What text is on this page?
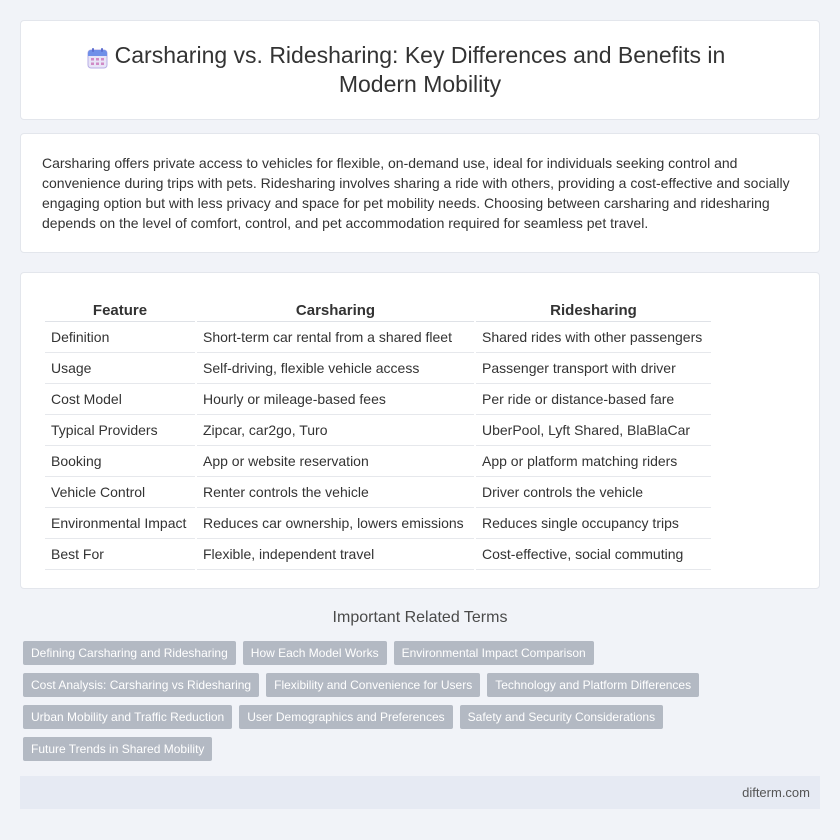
Carsharing vs. Ridesharing: Key Differences and Benefits in Modern Mobility

Carsharing offers private access to vehicles for flexible, on-demand use, ideal for individuals seeking control and convenience during trips with pets. Ridesharing involves sharing a ride with others, providing a cost-effective and socially engaging option but with less privacy and space for pet mobility needs. Choosing between carsharing and ridesharing depends on the level of comfort, control, and pet accommodation required for seamless pet travel.

Feature	Carsharing	Ridesharing
Definition	Short-term car rental from a shared fleet	Shared rides with other passengers
Usage	Self-driving, flexible vehicle access	Passenger transport with driver
Cost Model	Hourly or mileage-based fees	Per ride or distance-based fare
Typical Providers	Zipcar, car2go, Turo	UberPool, Lyft Shared, BlaBlaCar
Booking	App or website reservation	App or platform matching riders
Vehicle Control	Renter controls the vehicle	Driver controls the vehicle
Environmental Impact	Reduces car ownership, lowers emissions	Reduces single occupancy trips
Best For	Flexible, independent travel	Cost-effective, social commuting
Important Related Terms
Defining Carsharing and Ridesharing	How Each Model Works	Environmental Impact Comparison
Cost Analysis: Carsharing vs Ridesharing	Flexibility and Convenience for Users	Technology and Platform Differences
Urban Mobility and Traffic Reduction	User Demographics and Preferences	Safety and Security Considerations
Future Trends in Shared Mobility
difterm.com
